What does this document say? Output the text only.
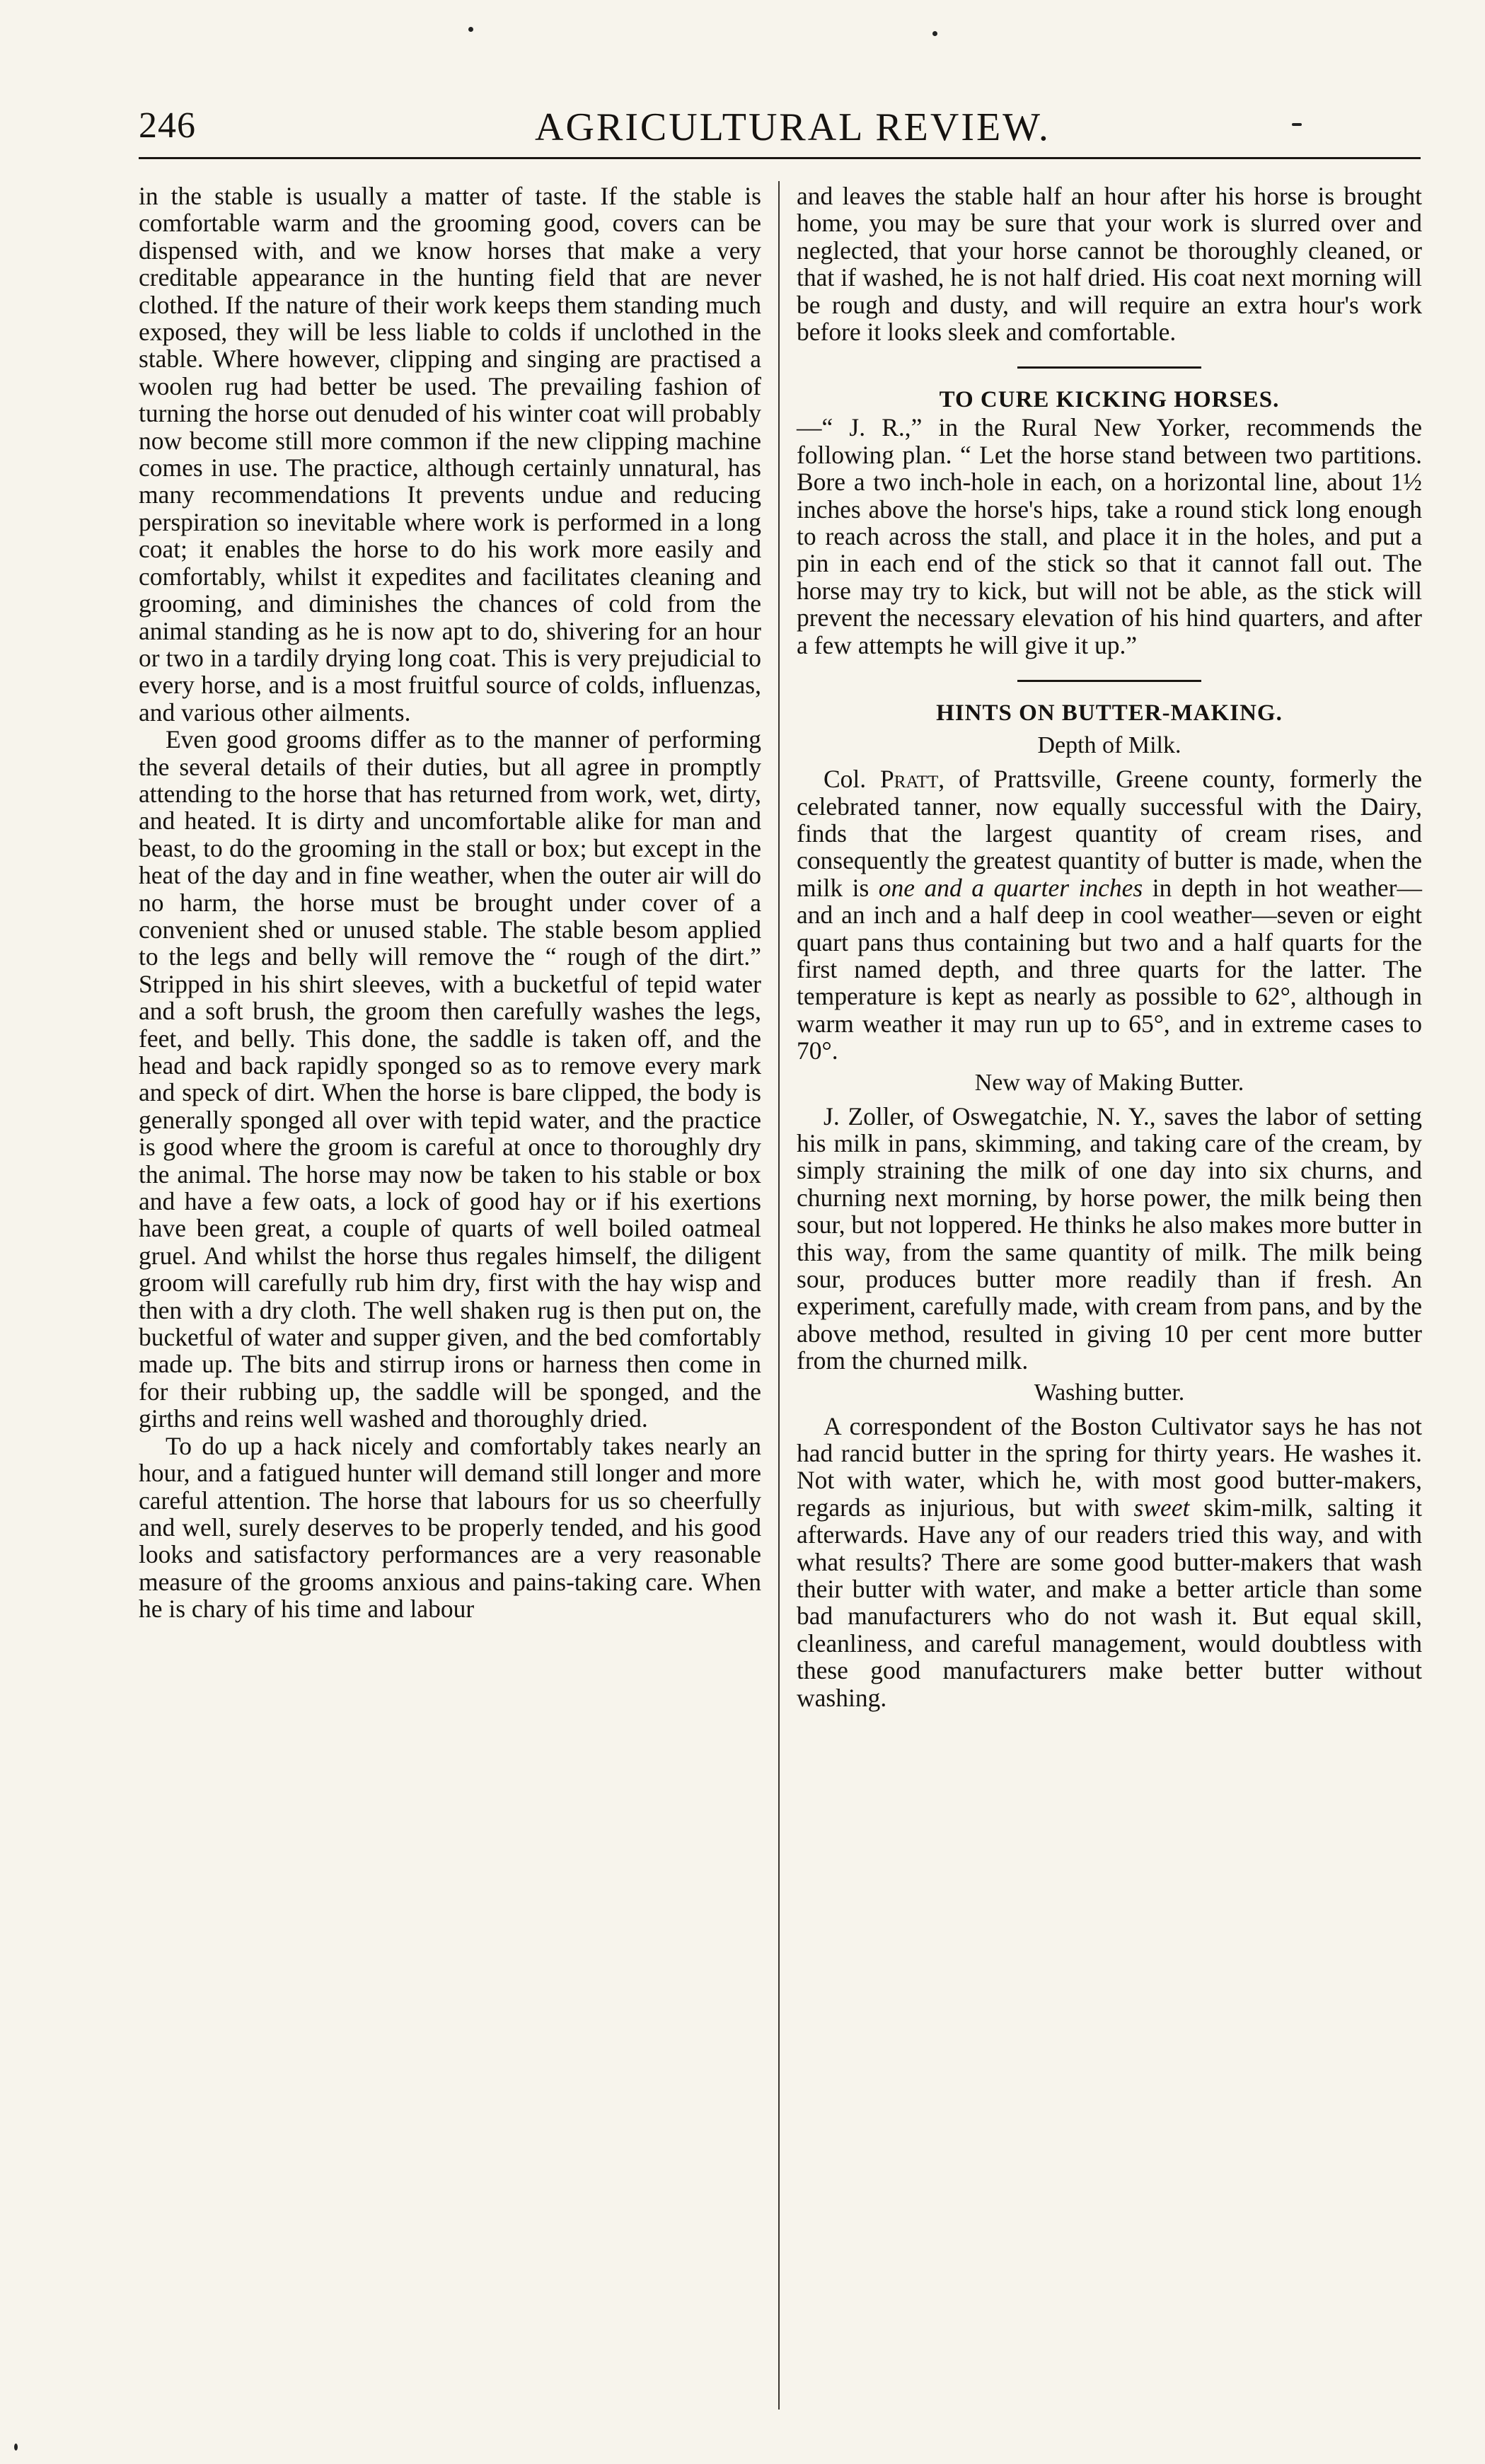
246	AGRICULTURAL REVIEW.

in the stable is usually a matter of taste. If the stable is comfortable warm and the grooming good, covers can be dispensed with, and we know horses that make a very creditable appearance in the hunting field that are never clothed. If the nature of their work keeps them standing much exposed, they will be less liable to colds if unclothed in the stable. Where however, clipping and singing are practised a woolen rug had better be used. The prevailing fashion of turning the horse out denuded of his winter coat will probably now become still more common if the new clipping machine comes in use. The practice, although certainly unnatural, has many recommendations It prevents undue and reducing perspiration so inevitable where work is performed in a long coat; it enables the horse to do his work more easily and comfortably, whilst it expedites and facilitates cleaning and grooming, and diminishes the chances of cold from the animal standing as he is now apt to do, shivering for an hour or two in a tardily drying long coat. This is very prejudicial to every horse, and is a most fruitful source of colds, influenzas, and various other ailments.

Even good grooms differ as to the manner of performing the several details of their duties, but all agree in promptly attending to the horse that has returned from work, wet, dirty, and heated. It is dirty and uncomfortable alike for man and beast, to do the grooming in the stall or box; but except in the heat of the day and in fine weather, when the outer air will do no harm, the horse must be brought under cover of a convenient shed or unused stable. The stable besom applied to the legs and belly will remove the “ rough of the dirt.” Stripped in his shirt sleeves, with a bucketful of tepid water and a soft brush, the groom then carefully washes the legs, feet, and belly. This done, the saddle is taken off, and the head and back rapidly sponged so as to remove every mark and speck of dirt. When the horse is bare clipped, the body is generally sponged all over with tepid water, and the practice is good where the groom is careful at once to thoroughly dry the animal. The horse may now be taken to his stable or box and have a few oats, a lock of good hay or if his exertions have been great, a couple of quarts of well boiled oatmeal gruel. And whilst the horse thus regales himself, the diligent groom will carefully rub him dry, first with the hay wisp and then with a dry cloth. The well shaken rug is then put on, the bucketful of water and supper given, and the bed comfortably made up. The bits and stirrup irons or harness then come in for their rubbing up, the saddle will be sponged, and the girths and reins well washed and thoroughly dried.

To do up a hack nicely and comfortably takes nearly an hour, and a fatigued hunter will demand still longer and more careful attention. The horse that labours for us so cheerfully and well, surely deserves to be properly tended, and his good looks and satisfactory performances are a very reasonable measure of the grooms anxious and pains-taking care. When he is chary of his time and labour

and leaves the stable half an hour after his horse is brought home, you may be sure that your work is slurred over and neglected, that your horse cannot be thoroughly cleaned, or that if washed, he is not half dried. His coat next morning will be rough and dusty, and will require an extra hour's work before it looks sleek and comfortable.

TO CURE KICKING HORSES.

—“ J. R.,” in the Rural New Yorker, recommends the following plan. “ Let the horse stand between two partitions. Bore a two inch-hole in each, on a horizontal line, about 1½ inches above the horse's hips, take a round stick long enough to reach across the stall, and place it in the holes, and put a pin in each end of the stick so that it cannot fall out. The horse may try to kick, but will not be able, as the stick will prevent the necessary elevation of his hind quarters, and after a few attempts he will give it up.”

HINTS ON BUTTER-MAKING.
Depth of Milk.

Col. Pratt, of Prattsville, Greene county, formerly the celebrated tanner, now equally successful with the Dairy, finds that the largest quantity of cream rises, and consequently the greatest quantity of butter is made, when the milk is one and a quarter inches in depth in hot weather—and an inch and a half deep in cool weather—seven or eight quart pans thus containing but two and a half quarts for the first named depth, and three quarts for the latter. The temperature is kept as nearly as possible to 62°, although in warm weather it may run up to 65°, and in extreme cases to 70°.

New way of Making Butter.

J. Zoller, of Oswegatchie, N. Y., saves the labor of setting his milk in pans, skimming, and taking care of the cream, by simply straining the milk of one day into six churns, and churning next morning, by horse power, the milk being then sour, but not loppered. He thinks he also makes more butter in this way, from the same quantity of milk. The milk being sour, produces butter more readily than if fresh. An experiment, carefully made, with cream from pans, and by the above method, resulted in giving 10 per cent more butter from the churned milk.

Washing butter.

A correspondent of the Boston Cultivator says he has not had rancid butter in the spring for thirty years. He washes it. Not with water, which he, with most good butter-makers, regards as injurious, but with sweet skim-milk, salting it afterwards. Have any of our readers tried this way, and with what results? There are some good butter-makers that wash their butter with water, and make a better article than some bad manufacturers who do not wash it. But equal skill, cleanliness, and careful management, would doubtless with these good manufacturers make better butter without washing.
